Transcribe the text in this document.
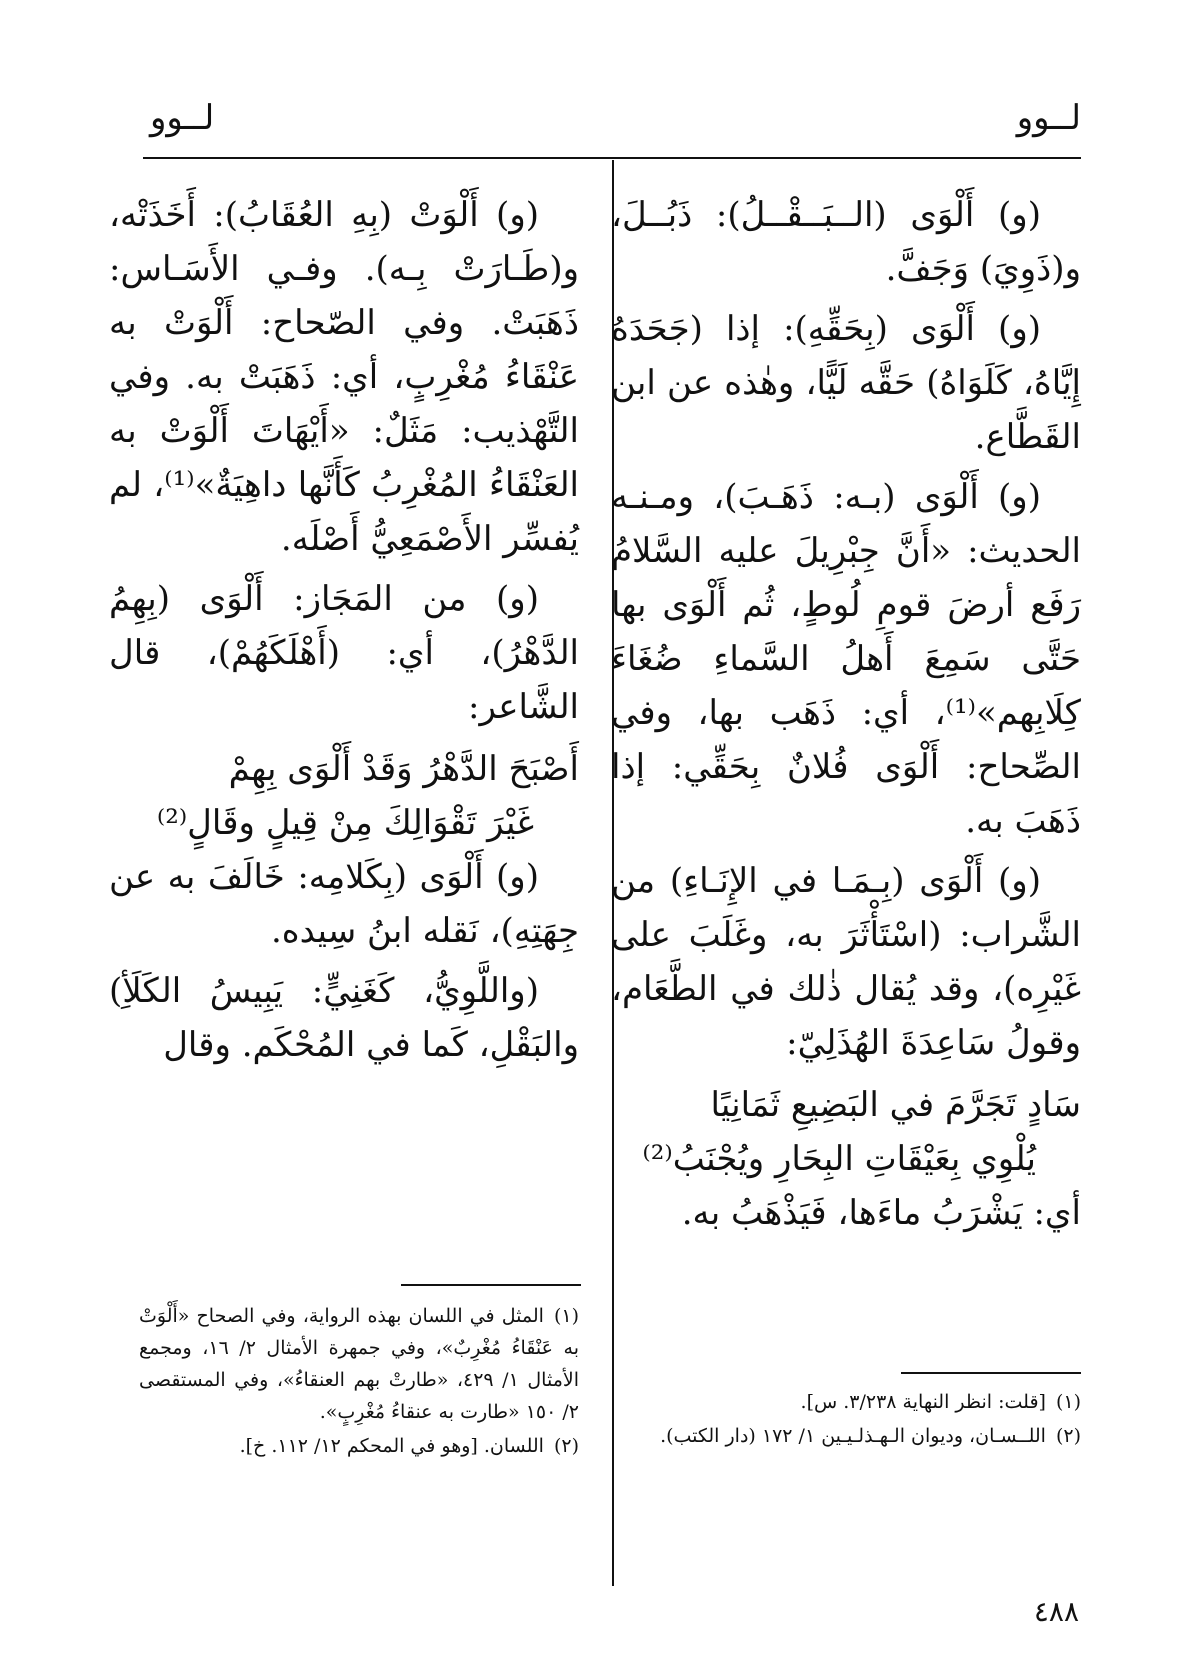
لــوو
لــوو

(و) أَلْوَى (الــبَــقْــلُ): ذَبُــلَ، و(ذَوِيَ) وَجَفَّ.

(و) أَلْوَى (بِحَقِّهِ): إذا (جَحَدَهُ إِيَّاهُ، كَلَوَاهُ) حَقَّه لَيًّا، وهٰذه عن ابن القَطَّاع.

(و) أَلْوَى (بـه: ذَهَـبَ)، ومـنـه الحديث: «أَنَّ جِبْرِيلَ عليه السَّلامُ رَفَع أرضَ قومِ لُوطٍ، ثُم أَلْوَى بها حَتَّى سَمِعَ أَهلُ السَّماءِ ضُغَاءَ كِلَابِهم»⁽¹⁾، أي: ذَهَب بها، وفي الصِّحاح: أَلْوَى فُلانٌ بِحَقِّي: إذا ذَهَبَ به.

(و) أَلْوَى (بِـمَـا في الإِنَـاءِ) من الشَّراب: (اسْتَأْثَرَ به، وغَلَبَ على غَيْرِه)، وقد يُقال ذٰلك في الطَّعَام، وقولُ سَاعِدَةَ الهُذَلِيّ:

سَادٍ تَجَرَّمَ في البَضِيعِ ثَمَانِيًا
يُلْوِي بِعَيْقَاتِ البِحَارِ ويُجْنَبُ⁽²⁾

أي: يَشْرَبُ ماءَها، فَيَذْهَبُ به.

(و) أَلْوَتْ (بِهِ العُقَابُ): أَخَذَتْه، و(طَـارَتْ بِـه). وفـي الأَسَـاس: ذَهَبَتْ. وفي الصّحاح: أَلْوَتْ به عَنْقَاءُ مُغْرِبٍ، أي: ذَهَبَتْ به. وفي التَّهْذيب: مَثَلٌ: «أَيْهَاتَ أَلْوَتْ به العَنْقَاءُ المُغْرِبُ كَأَنَّها داهِيَةٌ»⁽¹⁾، لم يُفسِّر الأَصْمَعِيُّ أَصْلَه.

(و) من المَجَاز: أَلْوَى (بِهِمُ الدَّهْرُ)، أي: (أَهْلَكَهُمْ)، قال الشَّاعر:

أَصْبَحَ الدَّهْرُ وَقَدْ أَلْوَى بِهِمْ
غَيْرَ تَقْوَالِكَ مِنْ قِيلٍ وقَالٍ⁽²⁾

(و) أَلْوَى (بِكَلامِه: خَالَفَ به عن جِهَتِهِ)، نَقله ابنُ سِيده.

(واللَّوِيُّ، كَغَنِيٍّ: يَبِيسُ الكَلَأِ) والبَقْلِ، كَما في المُحْكَم. وقال

(١)[قلت: انظر النهاية ٣/٢٣٨. س].

(٢)اللــسـان، وديوان الـهـذلـيـين ١/ ١٧٢ (دار الكتب).

(١)المثل في اللسان بهذه الرواية، وفي الصحاح «أَلْوَتْ به عَنْقَاءُ مُغْرِبٌ»، وفي جمهرة الأمثال ٢/ ١٦، ومجمع الأمثال ١/ ٤٢٩، «طارتْ بهم العنقاءُ»، وفي المستقصى ٢/ ١٥٠ «طارت به عنقاءُ مُغْرِبٍ».

(٢)اللسان. [وهو في المحكم ١٢/ ١١٢. خ].

٤٨٨
